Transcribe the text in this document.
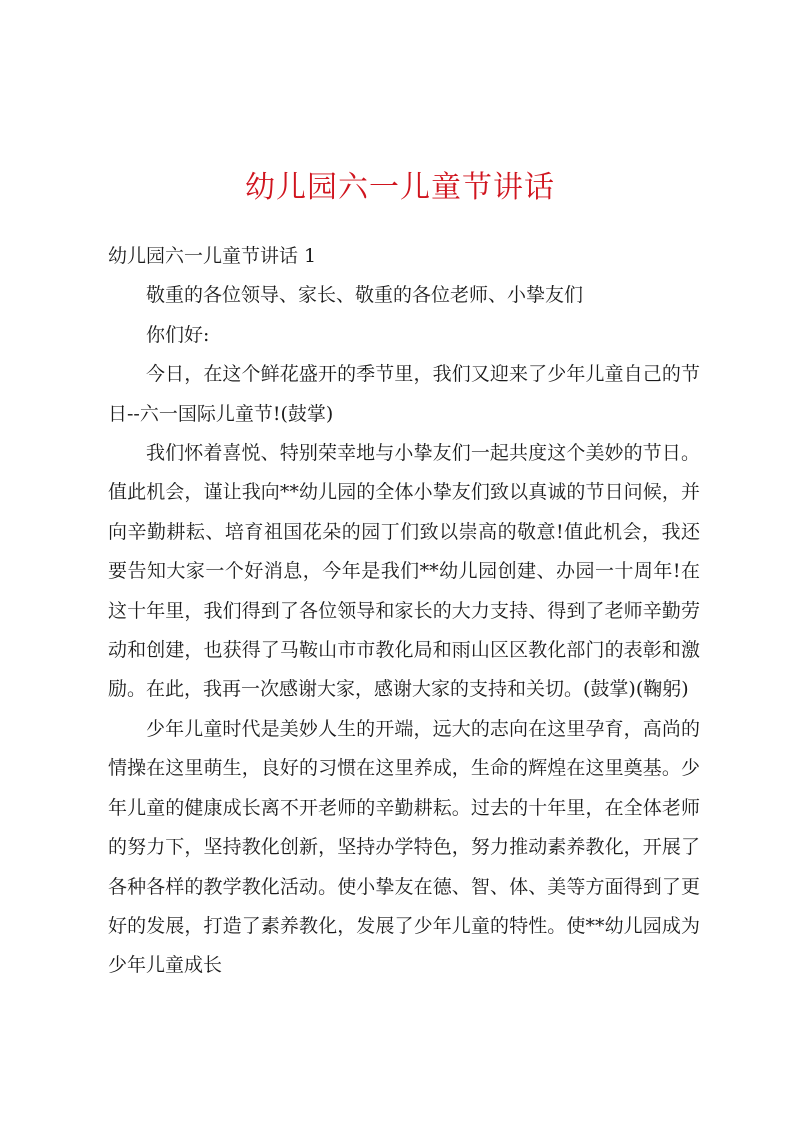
幼儿园六一儿童节讲话

幼儿园六一儿童节讲话 1

敬重的各位领导、家长、敬重的各位老师、小挚友们

你们好:

今日，在这个鲜花盛开的季节里，我们又迎来了少年儿童自己的节日--六一国际儿童节!(鼓掌)

我们怀着喜悦、特别荣幸地与小挚友们一起共度这个美妙的节日。值此机会，谨让我向**幼儿园的全体小挚友们致以真诚的节日问候，并向辛勤耕耘、培育祖国花朵的园丁们致以崇高的敬意!值此机会，我还要告知大家一个好消息，今年是我们**幼儿园创建、办园一十周年!在这十年里，我们得到了各位领导和家长的大力支持、得到了老师辛勤劳动和创建，也获得了马鞍山市市教化局和雨山区区教化部门的表彰和激励。在此，我再一次感谢大家，感谢大家的支持和关切。(鼓掌)(鞠躬)

少年儿童时代是美妙人生的开端，远大的志向在这里孕育，高尚的情操在这里萌生，良好的习惯在这里养成，生命的辉煌在这里奠基。少年儿童的健康成长离不开老师的辛勤耕耘。过去的十年里，在全体老师的努力下，坚持教化创新，坚持办学特色，努力推动素养教化，开展了各种各样的教学教化活动。使小挚友在德、智、体、美等方面得到了更好的发展，打造了素养教化，发展了少年儿童的特性。使**幼儿园成为少年儿童成长
